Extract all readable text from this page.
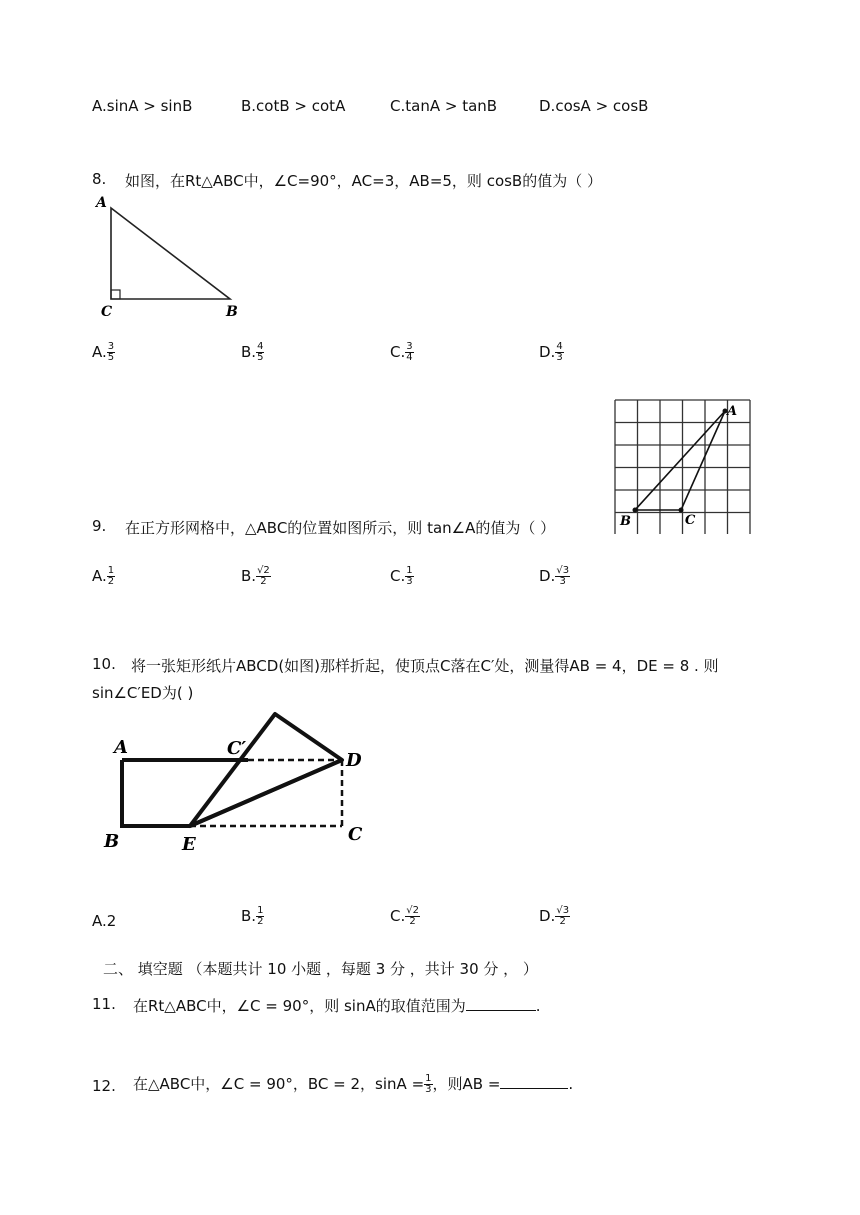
A.sinA > sinB	B.cotB > cotA	C.tanA > tanB	D.cosA > cosB
8. 如图，在Rt△ABC中，∠C=90°，AC=3，AB=5，则 cosB的值为（ ）
A
C	B
A. $\frac{3}{5}$	B. $\frac{4}{5}$	C. $\frac{3}{4}$	D. $\frac{4}{3}$
A
B	C
9. 在正方形网格中，△ABC的位置如图所示，则 tan∠A的值为（ ）
A. $\frac{1}{2}$	B. $\frac{√2}{2}$	C. $\frac{1}{3}$	D. $\frac{√3}{3}$
10. 将一张矩形纸片ABCD(如图)那样折起，使顶点C落在C′处，测量得AB = 4，DE = 8 . 则
sin∠C′ED为( )
A	C′
D
B	E	C
A.2	B. $\frac{1}{2}$	C. $\frac{√2}{2}$	D. $\frac{√3}{2}$
二、 填空题 （本题共计 10 小题 ，每题 3 分 ，共计 30 分 ， ）
11. 在Rt△ABC中，∠C = 90°，则 sinA的取值范围为	.
12. 在△ABC中，∠C = 90°，BC = 2，$\sin A = \frac{1}{3}$ ，则AB =	.
